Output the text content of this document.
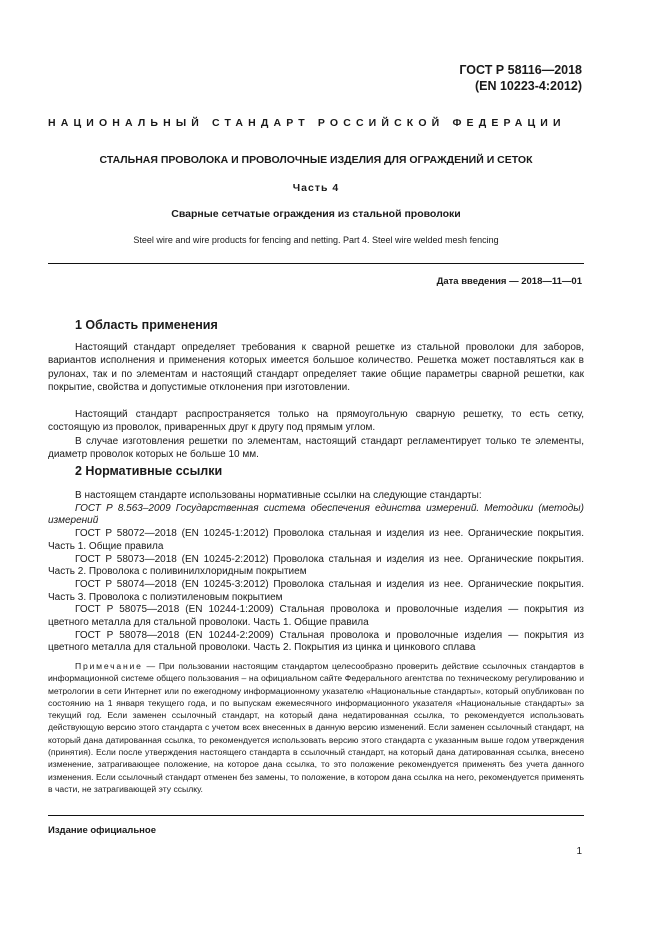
ГОСТ Р 58116—2018
(EN 10223-4:2012)
НАЦИОНАЛЬНЫЙ СТАНДАРТ РОССИЙСКОЙ ФЕДЕРАЦИИ
СТАЛЬНАЯ ПРОВОЛОКА И ПРОВОЛОЧНЫЕ ИЗДЕЛИЯ ДЛЯ ОГРАЖДЕНИЙ И СЕТОК
Часть 4
Сварные сетчатые ограждения из стальной проволоки
Steel wire and wire products for fencing and netting. Part 4. Steel wire welded mesh fencing
Дата введения — 2018—11—01
1 Область применения

Настоящий стандарт определяет требования к сварной решетке из стальной проволоки для заборов, вариантов исполнения и применения которых имеется большое количество. Решетка может поставляться как в рулонах, так и по элементам и настоящий стандарт определяет такие общие параметры сварной решетки, как покрытие, свойства и допустимые отклонения при изготовлении.

Настоящий стандарт распространяется только на прямоугольную сварную решетку, то есть сетку, состоящую из проволок, приваренных друг к другу под прямым углом.

В случае изготовления решетки по элементам, настоящий стандарт регламентирует только те элементы, диаметр проволок которых не больше 10 мм.

2 Нормативные ссылки

В настоящем стандарте использованы нормативные ссылки на следующие стандарты:

ГОСТ Р 8.563–2009 Государственная система обеспечения единства измерений. Методики (методы) измерений

ГОСТ Р 58072—2018 (EN 10245-1:2012) Проволока стальная и изделия из нее. Органические покрытия. Часть 1. Общие правила

ГОСТ Р 58073—2018 (EN 10245-2:2012) Проволока стальная и изделия из нее. Органические покрытия. Часть 2. Проволока с поливинилхлоридным покрытием

ГОСТ Р 58074—2018 (EN 10245-3:2012) Проволока стальная и изделия из нее. Органические покрытия. Часть 3. Проволока с полиэтиленовым покрытием

ГОСТ Р 58075—2018 (EN 10244-1:2009) Стальная проволока и проволочные изделия — покрытия из цветного металла для стальной проволоки. Часть 1. Общие правила

ГОСТ Р 58078—2018 (EN 10244-2:2009) Стальная проволока и проволочные изделия — покрытия из цветного металла для стальной проволоки. Часть 2. Покрытия из цинка и цинкового сплава

Примечание — При пользовании настоящим стандартом целесообразно проверить действие ссылочных стандартов в информационной системе общего пользования – на официальном сайте Федерального агентства по техническому регулированию и метрологии в сети Интернет или по ежегодному информационному указателю «Национальные стандарты», который опубликован по состоянию на 1 января текущего года, и по выпускам ежемесячного информационного указателя «Национальные стандарты» за текущий год. Если заменен ссылочный стандарт, на который дана недатированная ссылка, то рекомендуется использовать действующую версию этого стандарта с учетом всех внесенных в данную версию изменений. Если заменен ссылочный стандарт, на который дана датированная ссылка, то рекомендуется использовать версию этого стандарта с указанным выше годом утверждения (принятия). Если после утверждения настоящего стандарта в ссылочный стандарт, на который дана датированная ссылка, внесено изменение, затрагивающее положение, на которое дана ссылка, то это положение рекомендуется применять без учета данного изменения. Если ссылочный стандарт отменен без замены, то положение, в котором дана ссылка на него, рекомендуется применять в части, не затрагивающей эту ссылку.

Издание официальное
1
